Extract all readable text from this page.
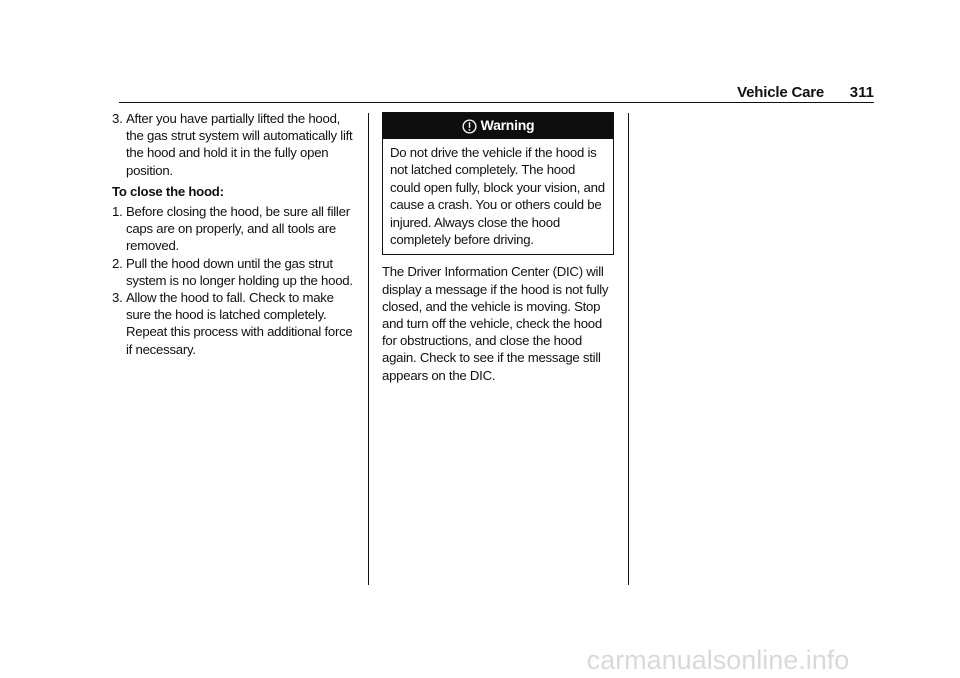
Vehicle Care 311
3. After you have partially lifted the hood, the gas strut system will automatically lift the hood and hold it in the fully open position.
To close the hood:
1. Before closing the hood, be sure all filler caps are on properly, and all tools are removed.
2. Pull the hood down until the gas strut system is no longer holding up the hood.
3. Allow the hood to fall. Check to make sure the hood is latched completely. Repeat this process with additional force if necessary.
Warning
Do not drive the vehicle if the hood is not latched completely. The hood could open fully, block your vision, and cause a crash. You or others could be injured. Always close the hood completely before driving.

The Driver Information Center (DIC) will display a message if the hood is not fully closed, and the vehicle is moving. Stop and turn off the vehicle, check the hood for obstructions, and close the hood again. Check to see if the message still appears on the DIC.

carmanualsonline.info
